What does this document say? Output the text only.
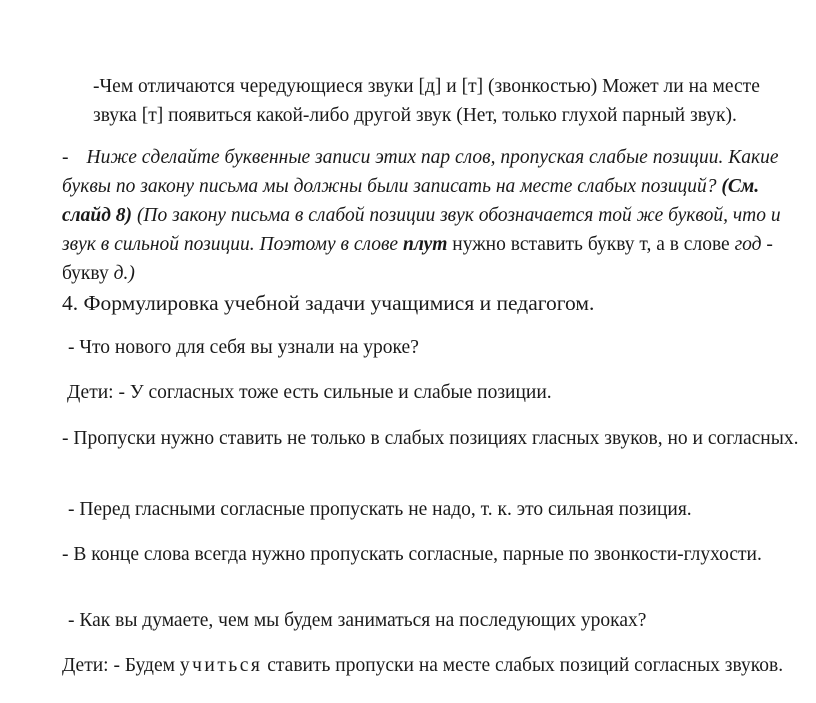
-Чем отличаются чередующиеся звуки [д] и [т] (звонкостью) Может ли на месте звука [т] появиться какой-либо другой звук (Нет, только глухой парный звук).

- Ниже сделайте буквенные записи этих пар слов, пропуская слабые позиции. Какие буквы по закону письма мы должны были записать на месте слабых позиций? (См. слайд 8) (По закону письма в слабой позиции звук обозначается той же буквой, что и звук в сильной позиции. Поэтому в слове плут нужно вставить букву т, а в слове год - букву д.)

4. Формулировка учебной задачи учащимися и педагогом.

- Что нового для себя вы узнали на уроке?

Дети: - У согласных тоже есть сильные и слабые позиции.

- Пропуски нужно ставить не только в слабых позициях гласных звуков, но и согласных.

- Перед гласными согласные пропускать не надо, т. к. это сильная позиция.

- В конце слова всегда нужно пропускать согласные, парные по звонкости-глухости.

- Как вы думаете, чем мы будем заниматься на последующих уроках?

Дети: - Будем учиться ставить пропуски на месте слабых позиций согласных звуков.
